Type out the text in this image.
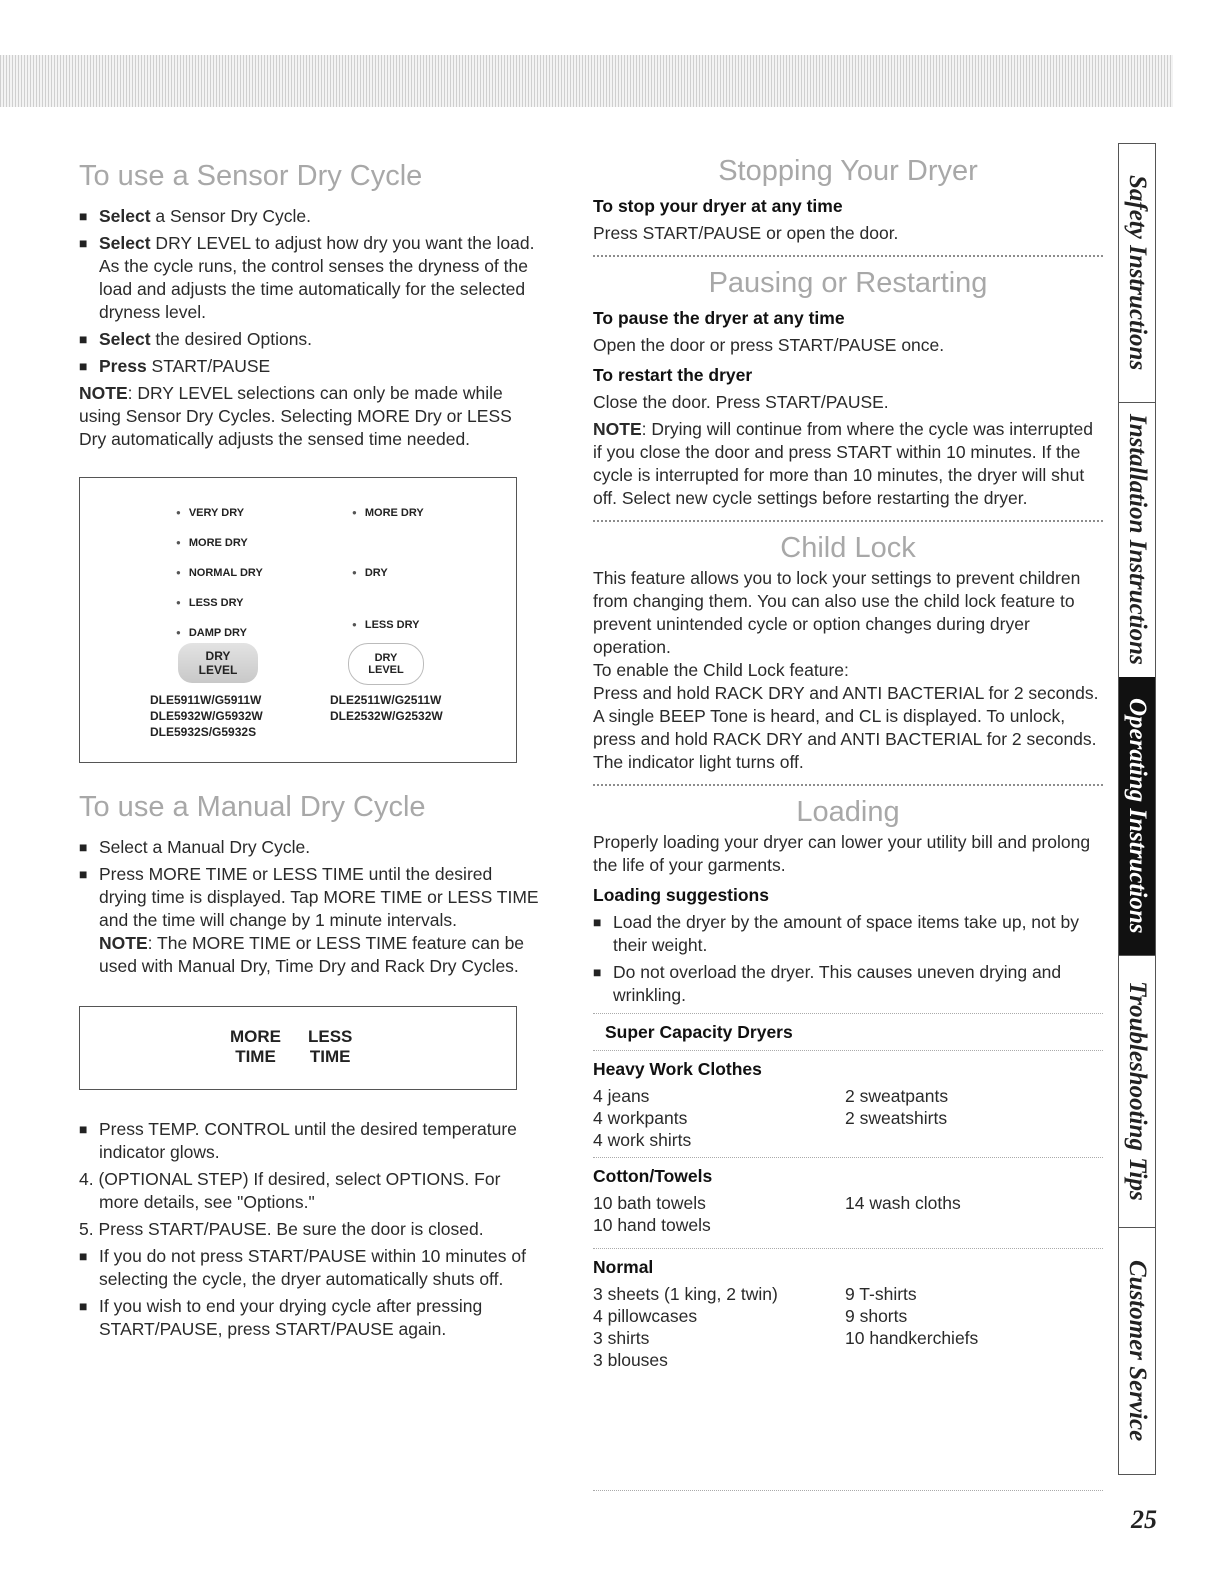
To use a Sensor Dry Cycle
■ Select a Sensor Dry Cycle.
■ Select DRY LEVEL to adjust how dry you want the load. As the cycle runs, the control senses the dryness of the load and adjusts the time automatically for the selected dryness level.
■ Select the desired Options.
■ Press START/PAUSE

NOTE: DRY LEVEL selections can only be made while using Sensor Dry Cycles. Selecting MORE Dry or LESS Dry automatically adjusts the sensed time needed.

● VERY DRY
● MORE DRY
● NORMAL DRY
● LESS DRY
● DAMP DRY
● MORE DRY
● DRY
● LESS DRY
DRY LEVEL
DRY LEVEL
DLE5911W/G5911W
DLE5932W/G5932W
DLE5932S/G5932S
DLE2511W/G2511W
DLE2532W/G2532W
To use a Manual Dry Cycle
■ Select a Manual Dry Cycle.
■ Press MORE TIME or LESS TIME until the desired drying time is displayed. Tap MORE TIME or LESS TIME and the time will change by 1 minute intervals.
NOTE: The MORE TIME or LESS TIME feature can be used with Manual Dry, Time Dry and Rack Dry Cycles.
MORE
TIME
LESS
TIME
■ Press TEMP. CONTROL until the desired temperature indicator glows.
4. (OPTIONAL STEP) If desired, select OPTIONS. For more details, see "Options."
5. Press START/PAUSE. Be sure the door is closed.
■ If you do not press START/PAUSE within 10 minutes of selecting the cycle, the dryer automatically shuts off.
■ If you wish to end your drying cycle after pressing START/PAUSE, press START/PAUSE again.
Stopping Your Dryer
To stop your dryer at any time

Press START/PAUSE or open the door.

Pausing or Restarting
To pause the dryer at any time

Open the door or press START/PAUSE once.

To restart the dryer

Close the door. Press START/PAUSE.

NOTE: Drying will continue from where the cycle was interrupted if you close the door and press START within 10 minutes. If the cycle is interrupted for more than 10 minutes, the dryer will shut off. Select new cycle settings before restarting the dryer.

Child Lock

This feature allows you to lock your settings to prevent children from changing them. You can also use the child lock feature to prevent unintended cycle or option changes during dryer operation.

To enable the Child Lock feature:

Press and hold RACK DRY and ANTI BACTERIAL for 2 seconds. A single BEEP Tone is heard, and CL is displayed. To unlock, press and hold RACK DRY and ANTI BACTERIAL for 2 seconds. The indicator light turns off.

Loading

Properly loading your dryer can lower your utility bill and prolong the life of your garments.

Loading suggestions
■ Load the dryer by the amount of space items take up, not by their weight.
■ Do not overload the dryer. This causes uneven drying and wrinkling.
Super Capacity Dryers
Heavy Work Clothes
4 jeans
4 workpants
4 work shirts
2 sweatpants
2 sweatshirts
Cotton/Towels
10 bath towels
10 hand towels
14 wash cloths
Normal
3 sheets (1 king, 2 twin)
4 pillowcases
3 shirts
3 blouses
9 T-shirts
9 shorts
10 handkerchiefs
Safety Instructions
Installation Instructions
Operating Instructions
Troubleshooting Tips
Customer Service
25
